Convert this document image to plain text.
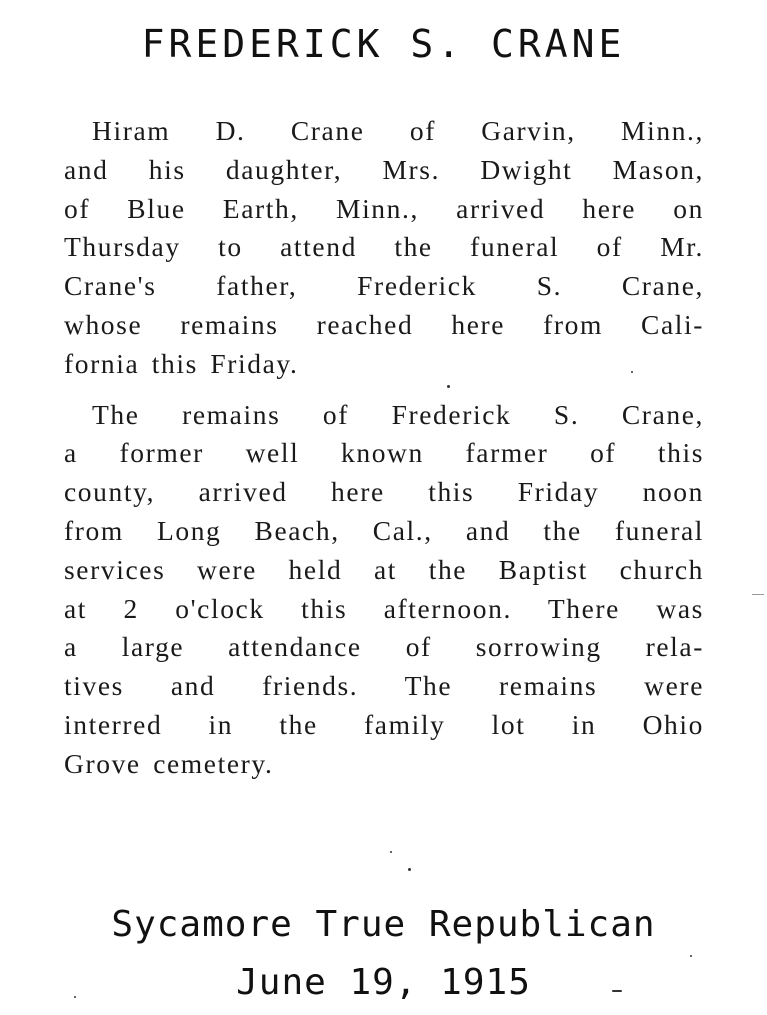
FREDERICK S. CRANE

Hiram D. Crane of Garvin, Minn.,
and his daughter, Mrs. Dwight Mason,
of Blue Earth, Minn., arrived here on
Thursday to attend the funeral of Mr.
Crane's father, Frederick S. Crane,
whose remains reached here from Cali-
fornia this Friday.

The remains of Frederick S. Crane,
a former well known farmer of this
county, arrived here this Friday noon
from Long Beach, Cal., and the funeral
services were held at the Baptist church
at 2 o'clock this afternoon. There was
a large attendance of sorrowing rela-
tives and friends. The remains were
interred in the family lot in Ohio
Grove cemetery.

Sycamore True Republican
June 19, 1915
